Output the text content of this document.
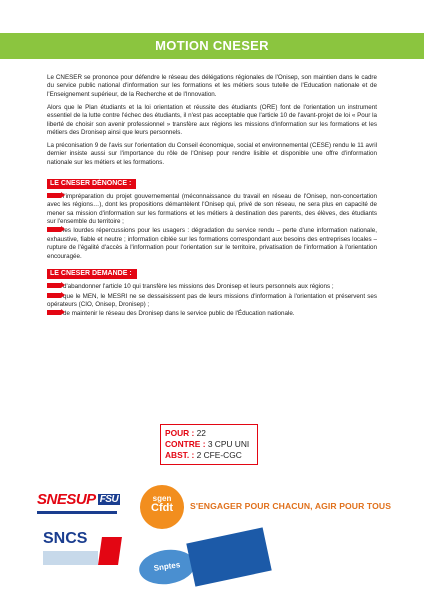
MOTION CNESER

Le CNESER se prononce pour défendre le réseau des délégations régionales de l'Onisep, son maintien dans le cadre du service public national d'information sur les formations et les métiers sous tutelle de l'Education nationale et de l'Enseignement supérieur, de la Recherche et de l'Innovation.

Alors que le Plan étudiants et la loi orientation et réussite des étudiants (ORE) font de l'orientation un instrument essentiel de la lutte contre l'échec des étudiants, il n'est pas acceptable que l'article 10 de l'avant-projet de loi « Pour la liberté de choisir son avenir professionnel » transfère aux régions les missions d'information sur les formations et les métiers des Dronisep ainsi que leurs personnels.

La préconisation 9 de l'avis sur l'orientation du Conseil économique, social et environnemental (CESE) rendu le 11 avril dernier insiste aussi sur l'importance du rôle de l'Onisep pour rendre lisible et disponible une offre d'information nationale sur les métiers et les formations.

LE CNESER DÉNONCE :

l'impréparation du projet gouvernemental (méconnaissance du travail en réseau de l'Onisep, non-concertation avec les régions…), dont les propositions démantèlent l'Onisep qui, privé de son réseau, ne sera plus en capacité de mener sa mission d'information sur les formations et les métiers à destination des parents, des élèves, des étudiants sur l'ensemble du territoire ;

les lourdes répercussions pour les usagers : dégradation du service rendu – perte d'une information nationale, exhaustive, fiable et neutre ; information ciblée sur les formations correspondant aux besoins des entreprises locales – rupture de l'égalité d'accès à l'information pour l'orientation sur le territoire, privatisation de l'information à l'orientation encouragée.

LE CNESER DEMANDE :

d'abandonner l'article 10 qui transfère les missions des Dronisep et leurs personnels aux régions ;

que le MEN, le MESRI ne se dessaisissent pas de leurs missions d'information à l'orientation et préservent ses opérateurs (CIO, Onisep, Dronisep) ;

de maintenir le réseau des Dronisep dans le service public de l'Éducation nationale.

POUR : 22
CONTRE : 3 CPU UNI
ABST. : 2 CFE-CGC
SNESUP FSU
SNCS
sgen
Cfdt	S'ENGAGER POUR CHACUN, AGIR POUR TOUS
Snptes
